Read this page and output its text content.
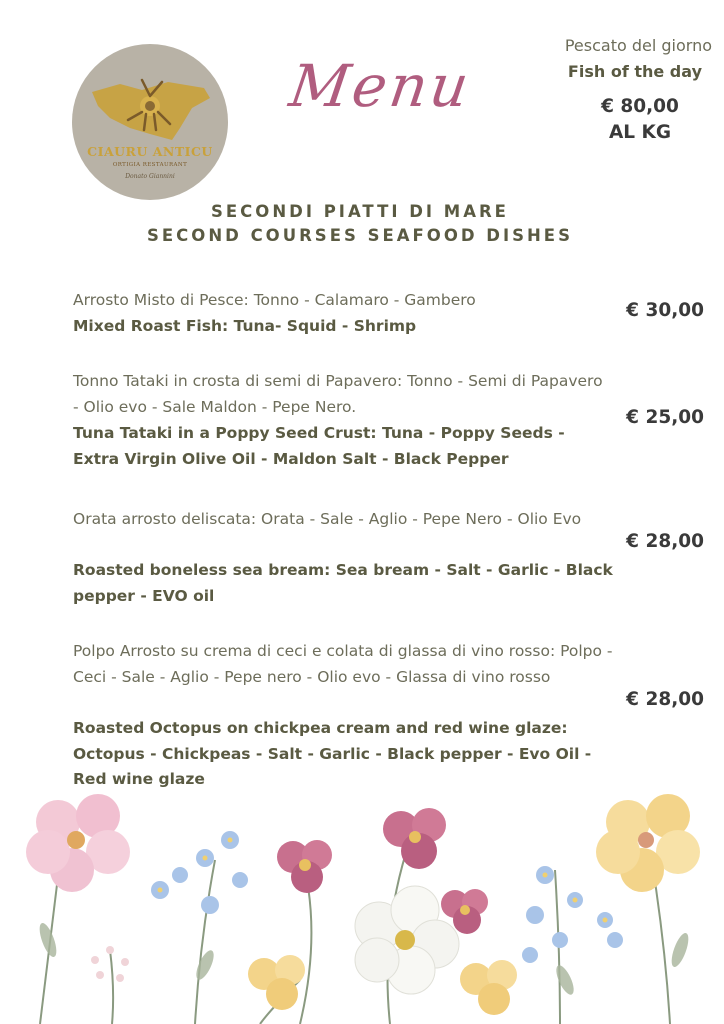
CIAURU ANTICU
ORTIGIA RESTAURANT
Donato Giannini
Menu
Pescato del giorno
Fish of the day
€ 80,00
AL KG
SECONDI PIATTI DI MARE
SECOND COURSES SEAFOOD DISHES
Arrosto Misto di Pesce: Tonno - Calamaro - Gambero
Mixed Roast Fish: Tuna- Squid - Shrimp
€ 30,00
Tonno Tataki in crosta di semi di Papavero: Tonno - Semi di Papavero - Olio evo - Sale Maldon - Pepe Nero.
Tuna Tataki in a Poppy Seed Crust: Tuna - Poppy Seeds - Extra Virgin Olive Oil - Maldon Salt - Black Pepper
€ 25,00
Orata arrosto deliscata: Orata - Sale - Aglio - Pepe Nero - Olio Evo
Roasted boneless sea bream: Sea bream - Salt - Garlic - Black pepper - EVO oil
€ 28,00
Polpo Arrosto su crema di ceci e colata di glassa di vino rosso: Polpo - Ceci - Sale - Aglio - Pepe nero - Olio evo - Glassa di vino rosso
Roasted Octopus on chickpea cream and red wine glaze: Octopus - Chickpeas - Salt - Garlic - Black pepper - Evo Oil - Red wine glaze
€ 28,00
